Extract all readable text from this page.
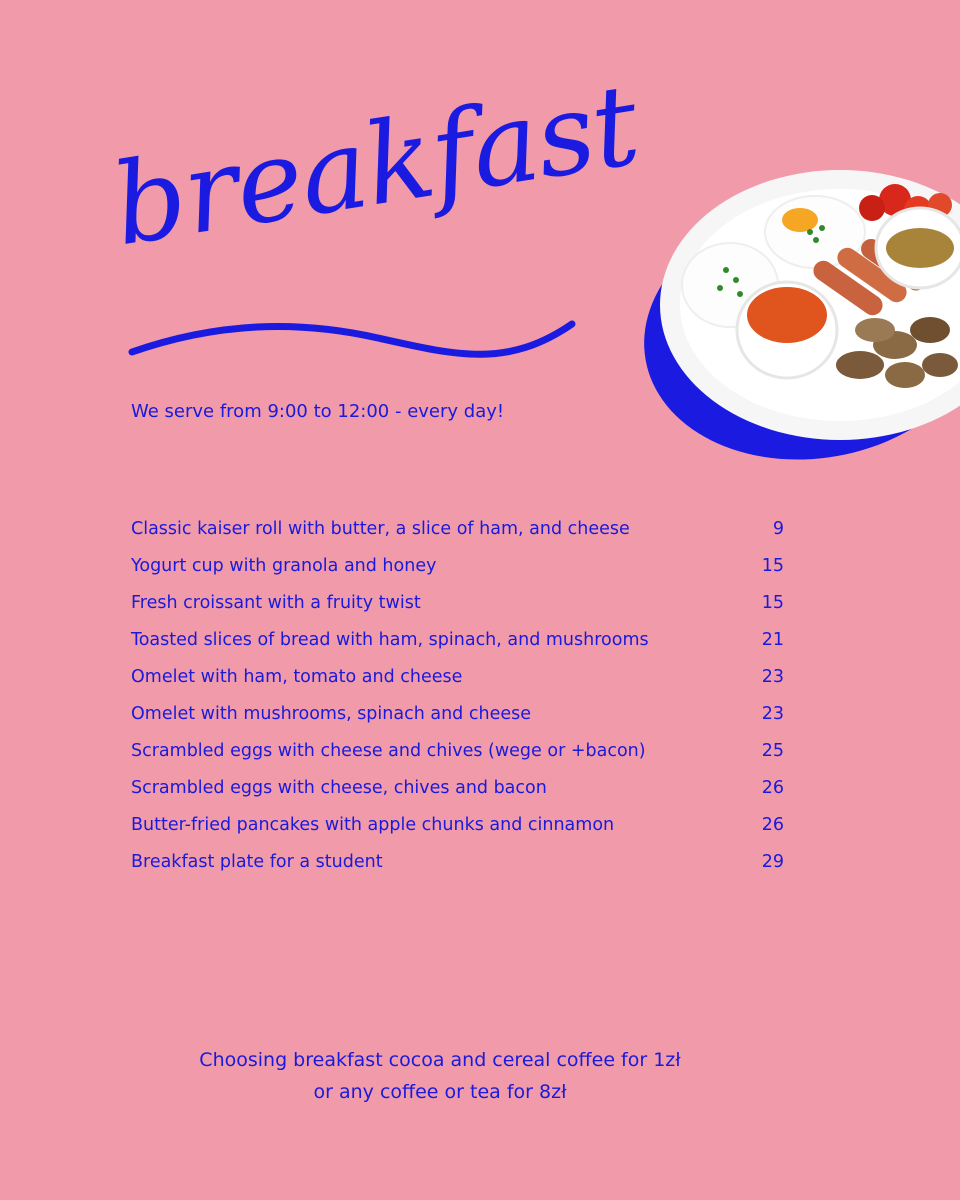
breakfast
We serve from 9:00 to 12:00 - every day!
Classic kaiser roll with butter, a slice of ham, and cheese	9
Yogurt cup with granola and honey	15
Fresh croissant with a fruity twist	15
Toasted slices of bread with ham, spinach, and mushrooms	21
Omelet with ham, tomato and cheese	23
Omelet with mushrooms, spinach and cheese	23
Scrambled eggs with cheese and chives (wege or +bacon)	25
Scrambled eggs with cheese, chives and bacon	26
Butter-fried pancakes with apple chunks and cinnamon	26
Breakfast plate for a student	29
Choosing breakfast cocoa and cereal coffee for 1zł
or any coffee or tea for 8zł
